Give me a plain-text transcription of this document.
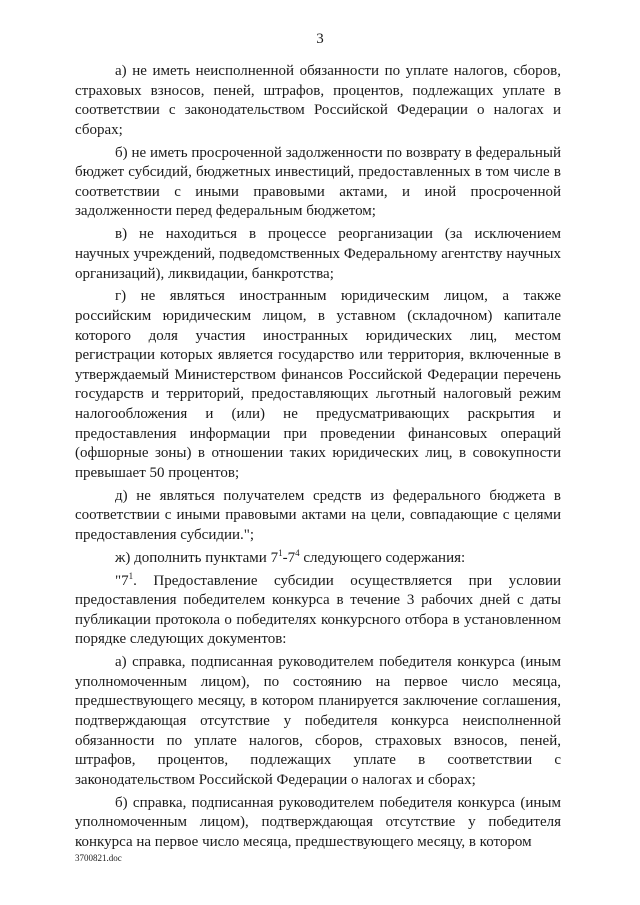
3

а) не иметь неисполненной обязанности по уплате налогов, сборов, страховых взносов, пеней, штрафов, процентов, подлежащих уплате в соответствии с законодательством Российской Федерации о налогах и сборах;

б) не иметь просроченной задолженности по возврату в федеральный бюджет субсидий, бюджетных инвестиций, предоставленных в том числе в соответствии с иными правовыми актами, и иной просроченной задолженности перед федеральным бюджетом;

в) не находиться в процессе реорганизации (за исключением научных учреждений, подведомственных Федеральному агентству научных организаций), ликвидации, банкротства;

г) не являться иностранным юридическим лицом, а также российским юридическим лицом, в уставном (складочном) капитале которого доля участия иностранных юридических лиц, местом регистрации которых является государство или территория, включенные в утверждаемый Министерством финансов Российской Федерации перечень государств и территорий, предоставляющих льготный налоговый режим налогообложения и (или) не предусматривающих раскрытия и предоставления информации при проведении финансовых операций (офшорные зоны) в отношении таких юридических лиц, в совокупности превышает 50 процентов;

д) не являться получателем средств из федерального бюджета в соответствии с иными правовыми актами на цели, совпадающие с целями предоставления субсидии.";

ж) дополнить пунктами $7^1-7^4$ следующего содержания:

"$7^1$. Предоставление субсидии осуществляется при условии предоставления победителем конкурса в течение 3 рабочих дней с даты публикации протокола о победителях конкурсного отбора в установленном порядке следующих документов:

а) справка, подписанная руководителем победителя конкурса (иным уполномоченным лицом), по состоянию на первое число месяца, предшествующего месяцу, в котором планируется заключение соглашения, подтверждающая отсутствие у победителя конкурса неисполненной обязанности по уплате налогов, сборов, страховых взносов, пеней, штрафов, процентов, подлежащих уплате в соответствии с законодательством Российской Федерации о налогах и сборах;

б) справка, подписанная руководителем победителя конкурса (иным уполномоченным лицом), подтверждающая отсутствие у победителя конкурса на первое число месяца, предшествующего месяцу, в котором

3700821.doc
